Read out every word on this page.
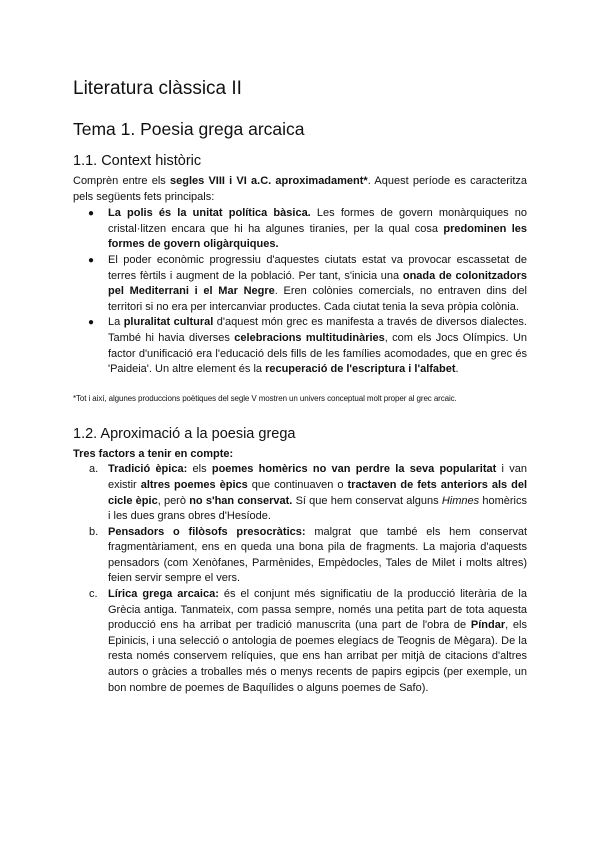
Literatura clàssica II
Tema 1. Poesia grega arcaica
1.1. Context històric

Comprèn entre els segles VIII i VI a.C. aproximadament*. Aquest període es caracteritza pels següents fets principals:

● La polis és la unitat política bàsica. Les formes de govern monàrquiques no cristal·litzen encara que hi ha algunes tiranies, per la qual cosa predominen les formes de govern oligàrquiques.
● El poder econòmic progressiu d'aquestes ciutats estat va provocar escassetat de terres fèrtils i augment de la població. Per tant, s'inicia una onada de colonitzadors pel Mediterrani i el Mar Negre. Eren colònies comercials, no entraven dins del territori si no era per intercanviar productes. Cada ciutat tenia la seva pròpia colònia.
● La pluralitat cultural d'aquest món grec es manifesta a través de diversos dialectes. També hi havia diverses celebracions multitudinàries, com els Jocs Olímpics. Un factor d'unificació era l'educació dels fills de les famílies acomodades, que en grec és 'Paideia'. Un altre element és la recuperació de l'escriptura i l'alfabet.

*Tot i així, algunes produccions poètiques del segle V mostren un univers conceptual molt proper al grec arcaic.

1.2. Aproximació a la poesia grega

Tres factors a tenir en compte:

a. Tradició èpica: els poemes homèrics no van perdre la seva popularitat i van existir altres poemes èpics que continuaven o tractaven de fets anteriors als del cicle èpic, però no s'han conservat. Sí que hem conservat alguns Himnes homèrics i les dues grans obres d'Hesíode.
b. Pensadors o filòsofs presocràtics: malgrat que també els hem conservat fragmentàriament, ens en queda una bona pila de fragments. La majoria d'aquests pensadors (com Xenòfanes, Parmènides, Empèdocles, Tales de Milet i molts altres) feien servir sempre el vers.
c. Lírica grega arcaica: és el conjunt més significatiu de la producció literària de la Grècia antiga. Tanmateix, com passa sempre, només una petita part de tota aquesta producció ens ha arribat per tradició manuscrita (una part de l'obra de Píndar, els Epinicis, i una selecció o antologia de poemes elegíacs de Teognis de Mègara). De la resta només conservem relíquies, que ens han arribat per mitjà de citacions d'altres autors o gràcies a troballes més o menys recents de papirs egipcis (per exemple, un bon nombre de poemes de Baquílides o alguns poemes de Safo).
